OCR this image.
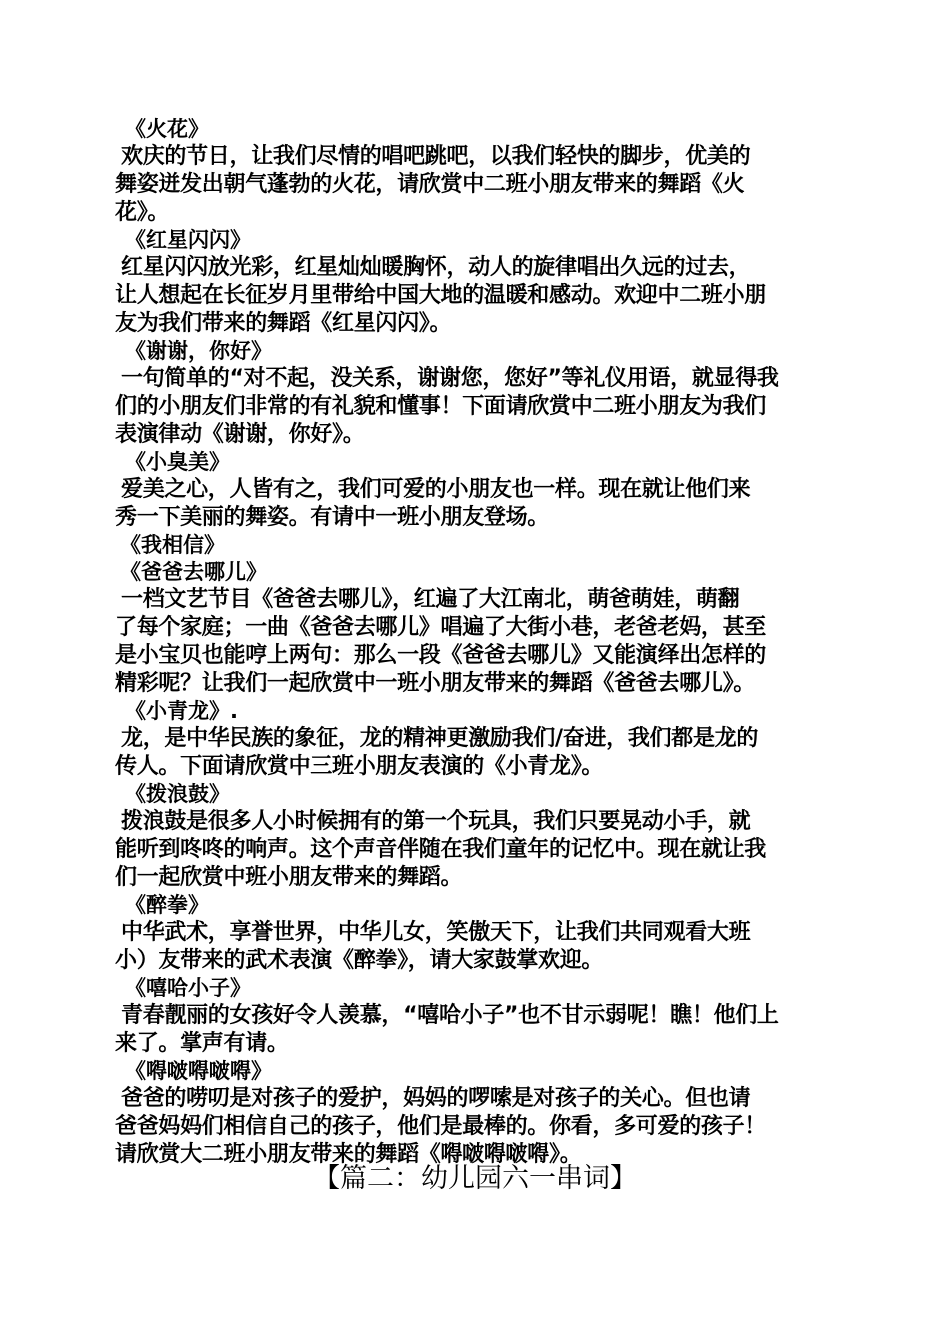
《火花》
欢庆的节日，让我们尽情的唱吧跳吧，以我们轻快的脚步，优美的
舞姿迸发出朝气蓬勃的火花，请欣赏中二班小朋友带来的舞蹈《火
花》。
《红星闪闪》
红星闪闪放光彩，红星灿灿暖胸怀，动人的旋律唱出久远的过去，
让人想起在长征岁月里带给中国大地的温暖和感动。欢迎中二班小朋
友为我们带来的舞蹈《红星闪闪》。
《谢谢，你好》
一句简单的“对不起，没关系，谢谢您，您好”等礼仪用语，就显得我
们的小朋友们非常的有礼貌和懂事！下面请欣赏中二班小朋友为我们
表演律动《谢谢，你好》。
《小臭美》
爱美之心，人皆有之，我们可爱的小朋友也一样。现在就让他们来
秀一下美丽的舞姿。有请中一班小朋友登场。
《我相信》
《爸爸去哪儿》
一档文艺节目《爸爸去哪儿》，红遍了大江南北，萌爸萌娃，萌翻
了每个家庭；一曲《爸爸去哪儿》唱遍了大街小巷，老爸老妈，甚至
是小宝贝也能哼上两句：那么一段《爸爸去哪儿》又能演绎出怎样的
精彩呢？让我们一起欣赏中一班小朋友带来的舞蹈《爸爸去哪儿》。
《小青龙》.
龙，是中华民族的象征，龙的精神更激励我们/奋进，我们都是龙的
传人。下面请欣赏中三班小朋友表演的《小青龙》。
《拨浪鼓》
拨浪鼓是很多人小时候拥有的第一个玩具，我们只要晃动小手，就
能听到咚咚的响声。这个声音伴随在我们童年的记忆中。现在就让我
们一起欣赏中班小朋友带来的舞蹈。
《醉拳》
中华武术，享誉世界，中华儿女，笑傲天下，让我们共同观看大班
小）友带来的武术表演《醉拳》，请大家鼓掌欢迎。
《嘻哈小子》
青春靓丽的女孩好令人羡慕，“嘻哈小子”也不甘示弱呢！瞧！他们上
来了。掌声有请。
《嘚啵嘚啵嘚》
爸爸的唠叨是对孩子的爱护，妈妈的啰嗦是对孩子的关心。但也请
爸爸妈妈们相信自己的孩子，他们是最棒的。你看，多可爱的孩子！
请欣赏大二班小朋友带来的舞蹈《嘚啵嘚啵嘚》。
【篇二：幼儿园六一串词】
